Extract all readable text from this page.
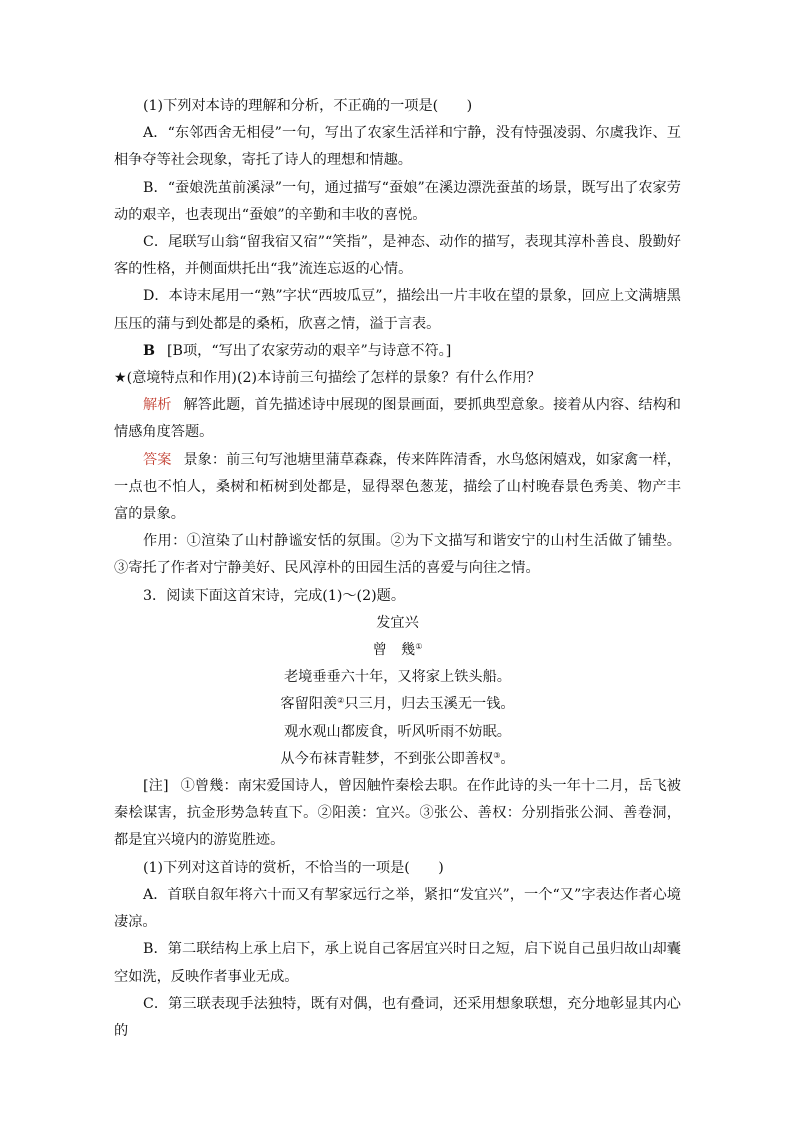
(1)下列对本诗的理解和分析，不正确的一项是(　　)

A．“东邻西舍无相侵”一句，写出了农家生活祥和宁静，没有恃强凌弱、尔虞我诈、互相争夺等社会现象，寄托了诗人的理想和情趣。

B．“蚕娘洗茧前溪渌”一句，通过描写“蚕娘”在溪边漂洗蚕茧的场景，既写出了农家劳动的艰辛，也表现出“蚕娘”的辛勤和丰收的喜悦。

C．尾联写山翁“留我宿又宿”“笑指”，是神态、动作的描写，表现其淳朴善良、殷勤好客的性格，并侧面烘托出“我”流连忘返的心情。

D．本诗末尾用一“熟”字状“西坡瓜豆”，描绘出一片丰收在望的景象，回应上文满塘黑压压的蒲与到处都是的桑柘，欣喜之情，溢于言表。

B [B项，“写出了农家劳动的艰辛”与诗意不符。]

★(意境特点和作用)(2)本诗前三句描绘了怎样的景象？有什么作用？

解析 解答此题，首先描述诗中展现的图景画面，要抓典型意象。接着从内容、结构和情感角度答题。

答案 景象：前三句写池塘里蒲草森森，传来阵阵清香，水鸟悠闲嬉戏，如家禽一样，一点也不怕人，桑树和柘树到处都是，显得翠色葱茏，描绘了山村晚春景色秀美、物产丰富的景象。

作用：①渲染了山村静谧安恬的氛围。②为下文描写和谐安宁的山村生活做了铺垫。③寄托了作者对宁静美好、民风淳朴的田园生活的喜爱与向往之情。

3．阅读下面这首宋诗，完成(1)～(2)题。

发宜兴

曾　幾①

老境垂垂六十年，又将家上铁头船。

客留阳羡②只三月，归去玉溪无一钱。

观水观山都废食，听风听雨不妨眠。

从今布袜青鞋梦，不到张公即善权③。

[注] ①曾幾：南宋爱国诗人，曾因触忤秦桧去职。在作此诗的头一年十二月，岳飞被秦桧谋害，抗金形势急转直下。②阳羡：宜兴。③张公、善权：分别指张公洞、善卷洞，都是宜兴境内的游览胜迹。

(1)下列对这首诗的赏析，不恰当的一项是(　　)

A．首联自叙年将六十而又有挈家远行之举，紧扣“发宜兴”，一个“又”字表达作者心境凄凉。

B．第二联结构上承上启下，承上说自己客居宜兴时日之短，启下说自己虽归故山却囊空如洗，反映作者事业无成。

C．第三联表现手法独特，既有对偶，也有叠词，还采用想象联想，充分地彰显其内心的
